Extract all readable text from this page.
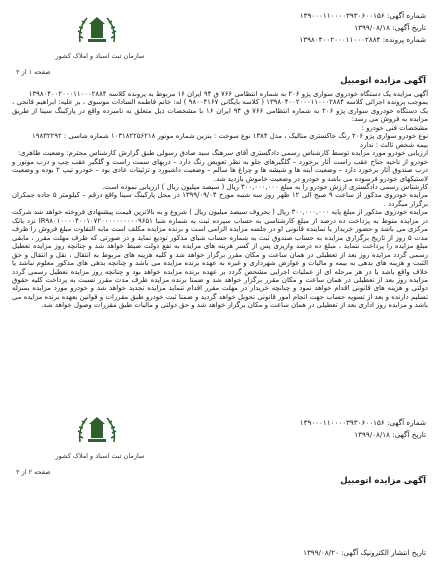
سازمان ثبت اسناد و املاک کشور
شماره آگهی: ۱۳۹۰۰۰۱۱۰۰۰۰۳۹۳۰۶۰۰۱۵۶
تاریخ آگهی: ۱۳۹۹/۰۸/۱۸
شماره پرونده: ۱۳۹۸۰۴۰۰۲۰۰۰۱۱۰۰۰۲۸۸۴
صفحه ۱ از ۲
آگهی مزایده اتومبیل

آگهی مزایده یک دستگاه خودروی سواری پژو ۲۰۶ به شماره انتظامی ۷۶۶ ق ۹۴ ایران ۱۶ مربوط به پرونده کلاسه ۱۳۹۸۰۴۰۰۲۰۰۰۱۱۰۰۰۲۸۸۴

بموجب پرونده اجرائی کلاسه ۱۳۹۸۰۴۰۰۲۰۰۰۱۱۰۰۰۲۸۸۴ ( کلاسه بایگانی ۹۸۰۰۴۱۶۷ ) له: خانم فاطمه السادات موسوی ، بر علیه: ابراهیم فاتحی ، یک دستگاه خودروی سواری پژو ۲۰۶ به شماره انتظامی ۷۶۶ ق ۹۴ ایران ۱۶ با مشخصات ذیل متعلق به نامبرده واقع در پارکینگ سینا از طریق مزایده به فروش می رسد:

مشخصات فنی خودرو :

نوع خودرو سواری پژو ۲۰۶ رنگ خاکستری متالیک ، مدل ۱۳۸۴ نوع سوخت : بنزین شماره موتور ۱۰۳۱۸۲۲۵۶۲۱۸ شماره شاسی : ۱۹۸۳۲۲۹۲

بیمه شخص ثالث : ندارد

ارزیابی خودرو مورد مزایده توسط کارشناس رسمی دادگستری آقای سرهنگ سید صادق رسولی طبق گزارش کارشناس محترم: وضعیت ظاهری:

خودرو از ناحیه جناح عقب راست آثار برخورد – گلگیرهای جلو به نظر تعویض رنگ دارد – دربهای سمت راست و گلگیر عقب چپ و درب موتور و درب صندوق آثار برخورد دارد – وضعیت آینه ها و شیشه ها و چراغ ها سالم – وضعیت داشبورد و تزئینات عادی بود – خودرو تیپ ۲ بوده و وضعیت لاستیکهای خودرو فرسوده می باشد و خودرو در وضعیت خاموش بازدید شد.

کارشناس رسمی دادگستری ارزش خودرو را به مبلغ ۳۰۰,۰۰۰,۰۰۰ ریال ( سیصد میلیون ریال ) ارزیابی نموده است.

مزایده خودروی مذکور از ساعت ۹ صبح الی ۱۲ ظهر روز سه شنبه مورخ ۱۳۹۹/۰۹/۰۴ در محل پارکینگ سینا واقع درقم – کیلومتر ۵ جاده جمکران برگزار میگردد .

مزایده خودروی مذکور از مبلغ پایه ۳۰۰,۰۰۰,۰۰۰ ریال ( بحروف سیصد میلیون ریال ) شروع و به بالاترین قیمت پیشنهادی فروخته خواهد شد شرکت در مزایده منوط به پرداخت ده درصد از مبلغ کارشناسی به حساب سپرده ثبت به شماره شبا IR۹۸۰۱۰۰۰۰۴۰۰۱۰۷۲۰۰۰۰۰۰۰۰۰۰۹۶۵۱ نزد بانک مرکزی می باشد و حضور خریدار یا نماینده قانونی او در جلسه مزایده الزامی است و برنده مزایده مکلف است مابه التفاوت مبلغ فروش را ظرف مدت ۵ روز از تاریخ برگزاری مزایده به حساب صندوق ثبت به شماره حساب شبای مذکور تودیع نماید و در صورتی که ظرف مهلت مقرر ، مابقی مبلغ مزایده را پرداخت ننماید ، مبلغ ده درصد واریزی پس از کسر هزینه های مزایده به نفع دولت ضبط خواهد شد و چنانچه روز مزایده تعطیل رسمی گردد مزایده روز بعد از تعطیلی در همان ساعت و مکان مقرر برگزار خواهد شد و کلیه هزینه های مربوط به انتقال ، نقل و انتقال و حق الثبت و هزینه های بدهی به بیمه و مالیات و عوارض شهرداری و غیره به عهده برنده مزایده می باشد و چنانچه بدهی های مذکور معلوم نباشد یا خلاف واقع باشد یا در هر مرحله ای از عملیات اجرایی مشخص گردد بر عهده برنده مزایده خواهد بود و چنانچه روز مزایده تعطیل رسمی گردد مزایده روز بعد از تعطیلی در همان ساعت و مکان مقرر برگزار خواهد شد و ضمنا برنده مزایده ظرف مدت مقرر نسبت به پرداخت کلیه حقوق دولتی و هزینه های قانونی اقدام خواهد نمود و چنانچه خریدار در مهلت مقرر اقدام ننماید مزایده تجدید خواهد شد و خودرو مورد مزایده بمنزله تسلیم دارنده و بعد از تسویه حساب جهت انجام امور قانونی تحویل خواهد گردید و ضمنا ثبت خودرو طبق مقررات و قوانین بعهده برنده مزایده می باشد و مزایده روز اداری بعد از تعطیلی در همان ساعت و مکان برگزار خواهد شد و حق دولتی و مالیات طبق مقررات وصول خواهد شد.

سازمان ثبت اسناد و املاک کشور
شماره آگهی: ۱۳۹۰۰۰۱۱۰۰۰۰۳۹۳۰۶۰۰۱۵۶
تاریخ آگهی: ۱۳۹۹/۰۸/۱۸
صفحه ۲ از ۲
آگهی مزایده اتومبیل
تاریخ انتشار الکترونیک آگهی: ۱۳۹۹/۰۸/۲۰
